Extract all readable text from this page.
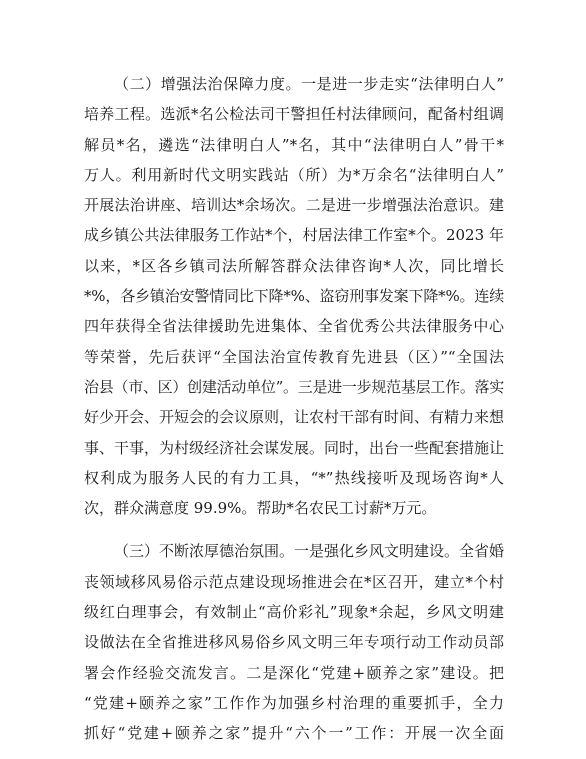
（二）增强法治保障力度。一是进一步走实“法律明白人”
培养工程。选派*名公检法司干警担任村法律顾问，配备村组调
解员*名，遴选“法律明白人”*名，其中“法律明白人”骨干*
万人。利用新时代文明实践站（所）为*万余名“法律明白人”
开展法治讲座、培训达*余场次。二是进一步增强法治意识。建
成乡镇公共法律服务工作站*个，村居法律工作室*个。2023 年
以来，*区各乡镇司法所解答群众法律咨询*人次，同比增长
*%，各乡镇治安警情同比下降*%、盗窃刑事发案下降*%。连续
四年获得全省法律援助先进集体、全省优秀公共法律服务中心
等荣誉，先后获评“全国法治宣传教育先进县（区）”“全国法
治县（市、区）创建活动单位”。三是进一步规范基层工作。落实
好少开会、开短会的会议原则，让农村干部有时间、有精力来想
事、干事，为村级经济社会谋发展。同时，出台一些配套措施让
权利成为服务人民的有力工具，“*”热线接听及现场咨询*人
次，群众满意度 99.9%。帮助*名农民工讨薪*万元。

（三）不断浓厚德治氛围。一是强化乡风文明建设。全省婚
丧领域移风易俗示范点建设现场推进会在*区召开，建立*个村
级红白理事会，有效制止“高价彩礼”现象*余起，乡风文明建
设做法在全省推进移风易俗乡风文明三年专项行动工作动员部
署会作经验交流发言。二是深化“党建+颐养之家”建设。把
“党建+颐养之家”工作作为加强乡村治理的重要抓手，全力
抓好“党建+颐养之家”提升“六个一”工作：开展一次全面
